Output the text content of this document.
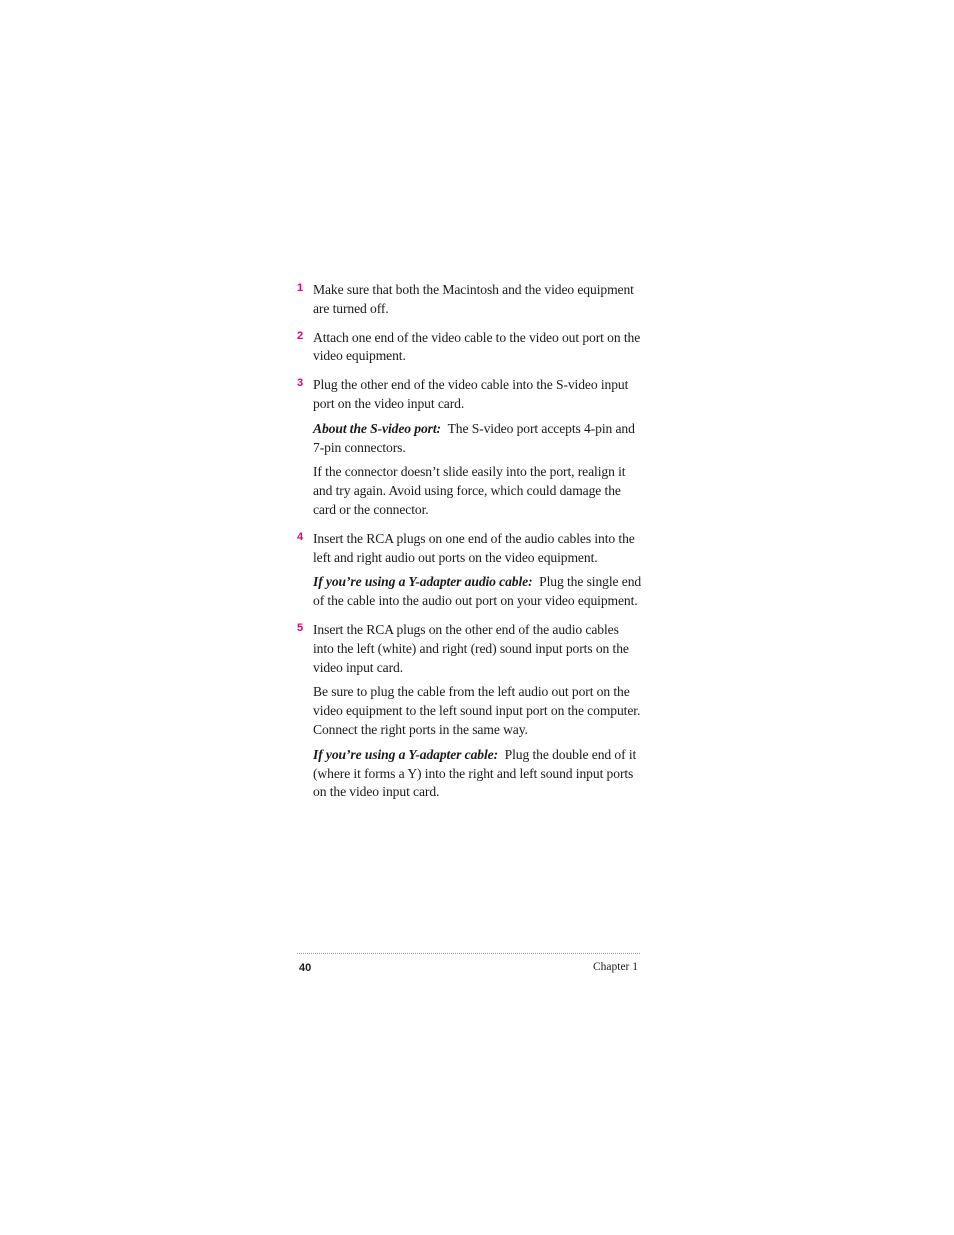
1 Make sure that both the Macintosh and the video equipment are turned off.

2 Attach one end of the video cable to the video out port on the video equipment.

3 Plug the other end of the video cable into the S-video input port on the video input card.

About the S-video port: The S-video port accepts 4-pin and 7-pin connectors.

If the connector doesn’t slide easily into the port, realign it and try again. Avoid using force, which could damage the card or the connector.

4 Insert the RCA plugs on one end of the audio cables into the left and right audio out ports on the video equipment.

If you’re using a Y-adapter audio cable: Plug the single end of the cable into the audio out port on your video equipment.

5 Insert the RCA plugs on the other end of the audio cables into the left (white) and right (red) sound input ports on the video input card.

Be sure to plug the cable from the left audio out port on the video equipment to the left sound input port on the computer. Connect the right ports in the same way.

If you’re using a Y-adapter cable: Plug the double end of it (where it forms a Y) into the right and left sound input ports on the video input card.

40	Chapter 1
